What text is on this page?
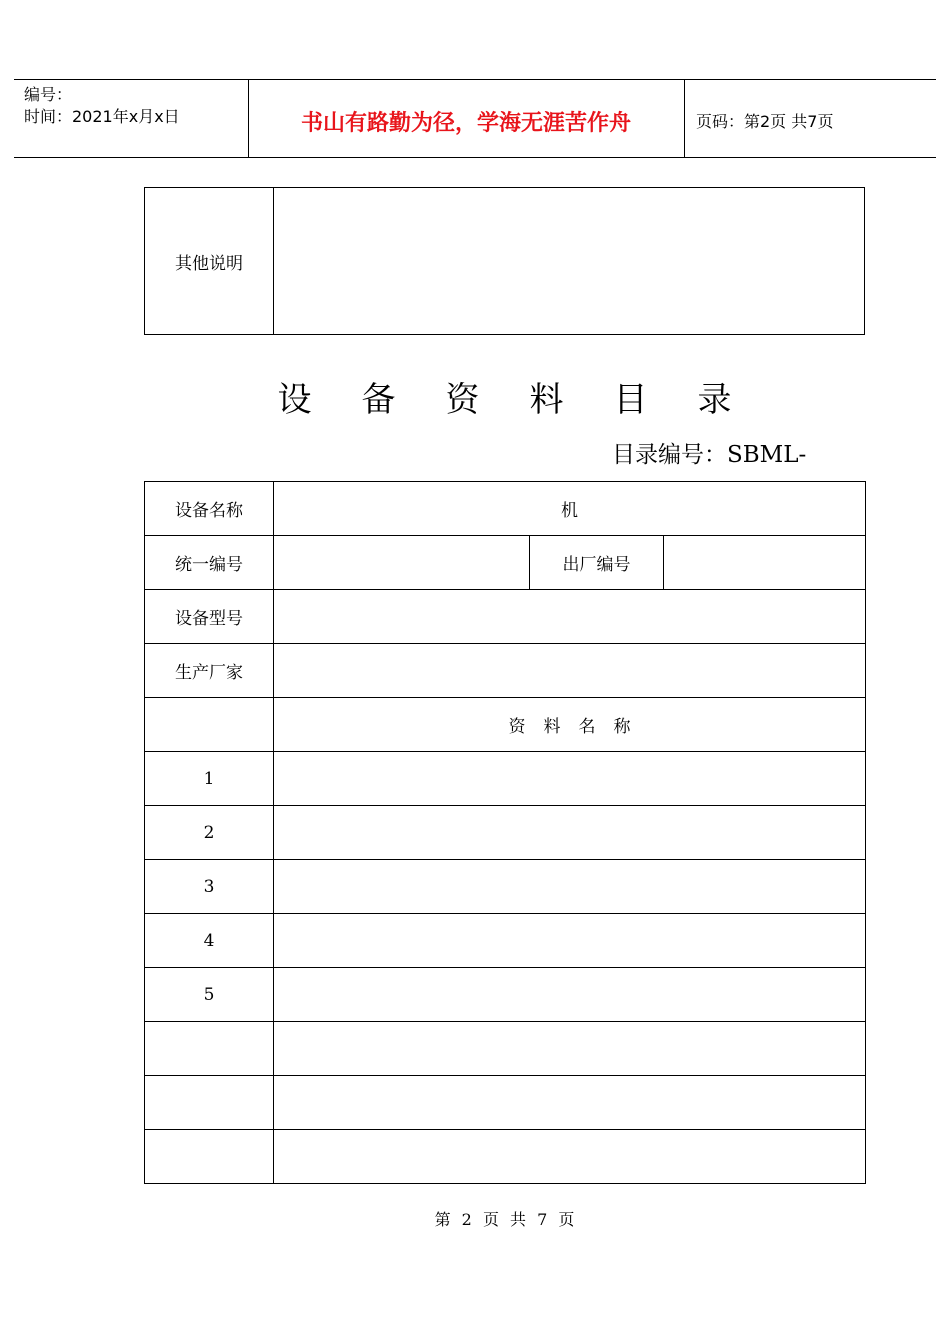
编号：
时间：2021年x月x日	书山有路勤为径，学海无涯苦作舟	页码：第2页 共7页
其他说明	
设备资料目录
目录编号：SBML-
设备名称	机		
统一编号		出厂编号	
设备型号			
生产厂家			
	资料名称		
1			
2			
3			
4			
5			

第 2 页 共 7 页
